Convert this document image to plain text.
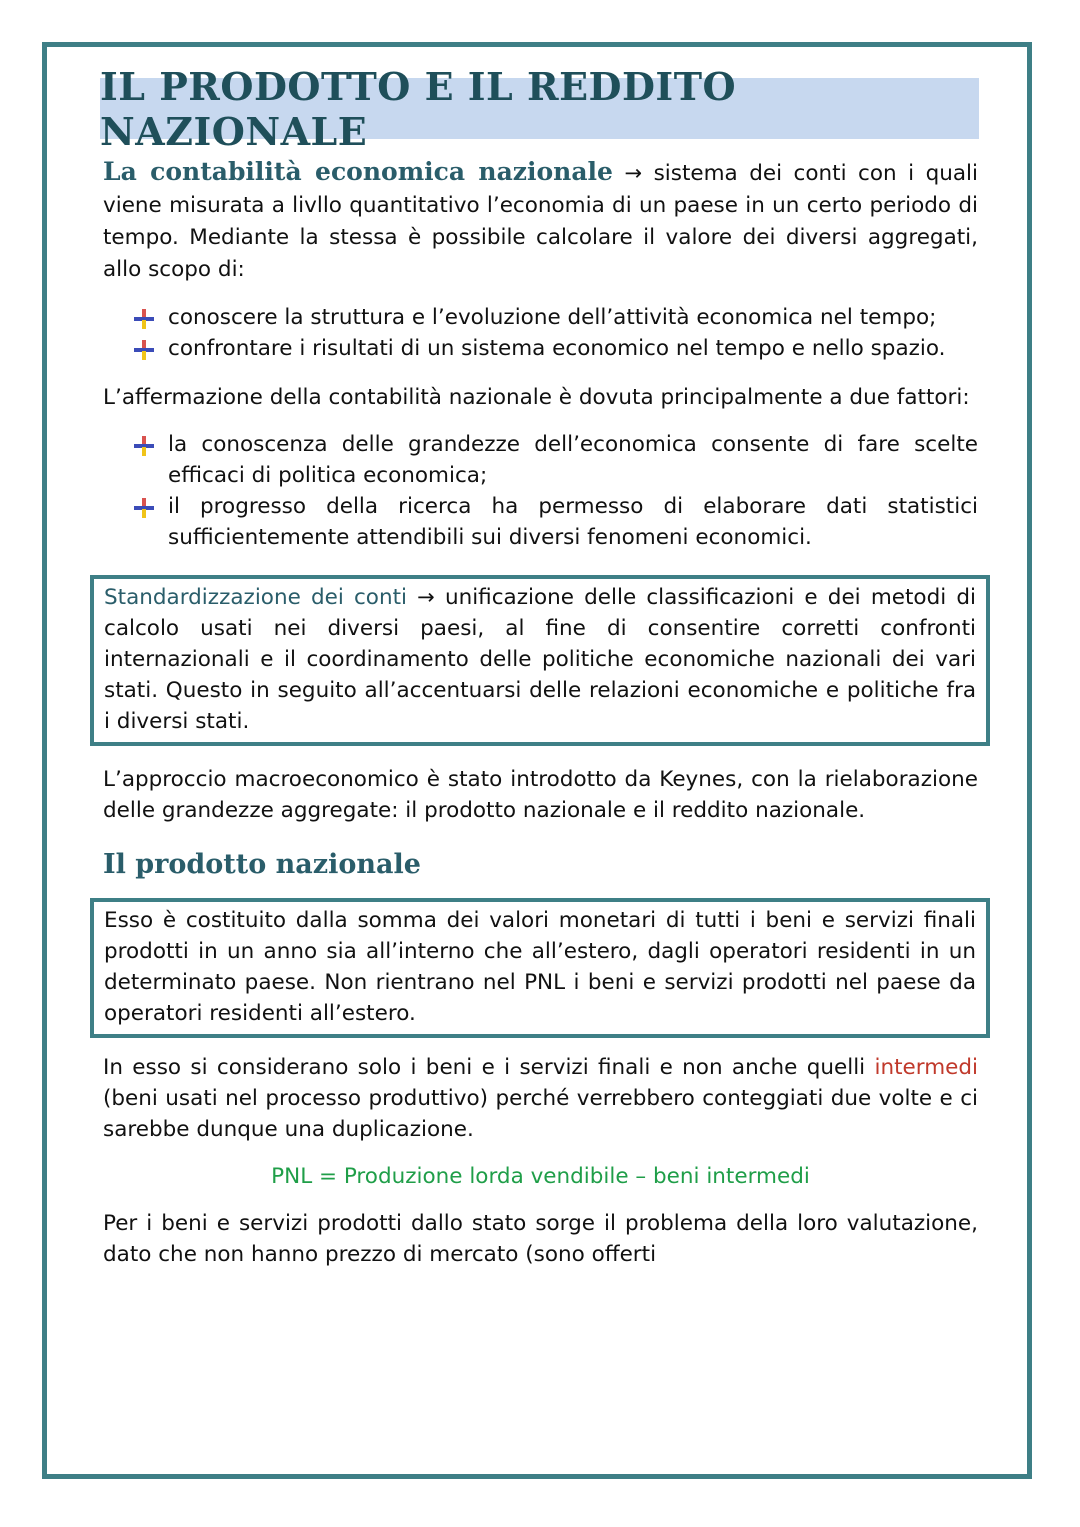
IL PRODOTTO E IL REDDITO NAZIONALE

La contabilità economica nazionale → sistema dei conti con i quali viene misurata a livllo quantitativo l’economia di un paese in un certo periodo di tempo. Mediante la stessa è possibile calcolare il valore dei diversi aggregati, allo scopo di:

conoscere la struttura e l’evoluzione dell’attività economica nel tempo;
confrontare i risultati di un sistema economico nel tempo e nello spazio.

L’affermazione della contabilità nazionale è dovuta principalmente a due fattori:

la conoscenza delle grandezze dell’economica consente di fare scelte efficaci di politica economica;
il progresso della ricerca ha permesso di elaborare dati statistici sufficientemente attendibili sui diversi fenomeni economici.

Standardizzazione dei conti → unificazione delle classificazioni e dei metodi di calcolo usati nei diversi paesi, al fine di consentire corretti confronti internazionali e il coordinamento delle politiche economiche nazionali dei vari stati. Questo in seguito all’accentuarsi delle relazioni economiche e politiche fra i diversi stati.

L’approccio macroeconomico è stato introdotto da Keynes, con la rielaborazione delle grandezze aggregate: il prodotto nazionale e il reddito nazionale.

Il prodotto nazionale

Esso è costituito dalla somma dei valori monetari di tutti i beni e servizi finali prodotti in un anno sia all’interno che all’estero, dagli operatori residenti in un determinato paese. Non rientrano nel PNL i beni e servizi prodotti nel paese da operatori residenti all’estero.

In esso si considerano solo i beni e i servizi finali e non anche quelli intermedi (beni usati nel processo produttivo) perché verrebbero conteggiati due volte e ci sarebbe dunque una duplicazione.

PNL = Produzione lorda vendibile – beni intermedi

Per i beni e servizi prodotti dallo stato sorge il problema della loro valutazione, dato che non hanno prezzo di mercato (sono offerti
